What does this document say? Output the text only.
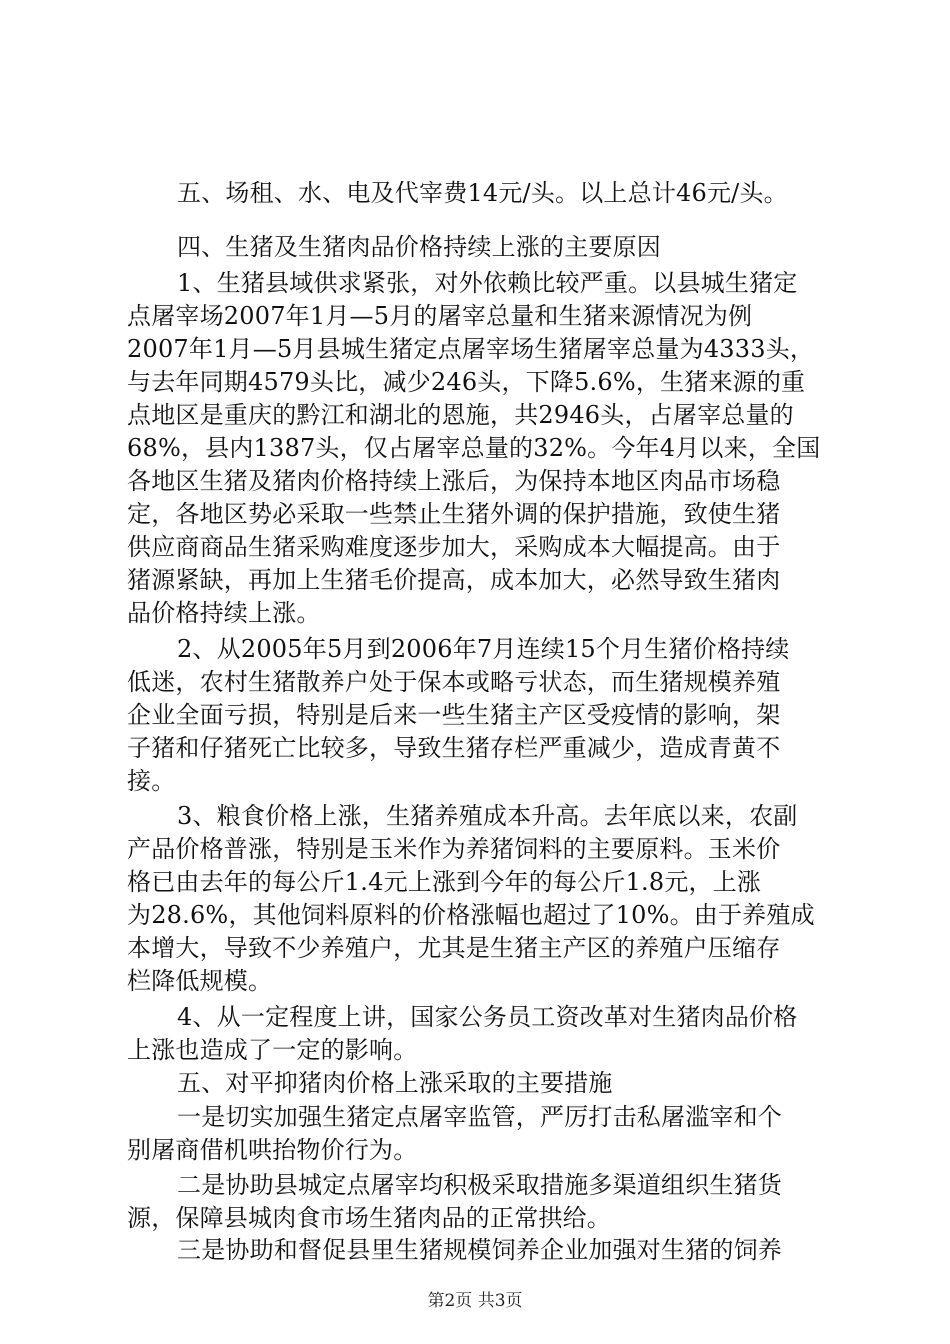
五、场租、水、电及代宰费14元/头。以上总计46元/头。
四、生猪及生猪肉品价格持续上涨的主要原因
1、生猪县域供求紧张，对外依赖比较严重。以县城生猪定
点屠宰场2007年1月—5月的屠宰总量和生猪来源情况为例
2007年1月—5月县城生猪定点屠宰场生猪屠宰总量为4333头，
与去年同期4579头比，减少246头，下降5.6%，生猪来源的重
点地区是重庆的黔江和湖北的恩施，共2946头，占屠宰总量的
68%，县内1387头，仅占屠宰总量的32%。今年4月以来，全国
各地区生猪及猪肉价格持续上涨后，为保持本地区肉品市场稳
定，各地区势必采取一些禁止生猪外调的保护措施，致使生猪
供应商商品生猪采购难度逐步加大，采购成本大幅提高。由于
猪源紧缺，再加上生猪毛价提高，成本加大，必然导致生猪肉
品价格持续上涨。
2、从2005年5月到2006年7月连续15个月生猪价格持续
低迷，农村生猪散养户处于保本或略亏状态，而生猪规模养殖
企业全面亏损，特别是后来一些生猪主产区受疫情的影响，架
子猪和仔猪死亡比较多，导致生猪存栏严重减少，造成青黄不
接。
3、粮食价格上涨，生猪养殖成本升高。去年底以来，农副
产品价格普涨，特别是玉米作为养猪饲料的主要原料。玉米价
格已由去年的每公斤1.4元上涨到今年的每公斤1.8元，上涨
为28.6%，其他饲料原料的价格涨幅也超过了10%。由于养殖成
本增大，导致不少养殖户，尤其是生猪主产区的养殖户压缩存
栏降低规模。
4、从一定程度上讲，国家公务员工资改革对生猪肉品价格
上涨也造成了一定的影响。
五、对平抑猪肉价格上涨采取的主要措施
一是切实加强生猪定点屠宰监管，严厉打击私屠滥宰和个
别屠商借机哄抬物价行为。
二是协助县城定点屠宰均积极采取措施多渠道组织生猪货
源，保障县城肉食市场生猪肉品的正常拱给。
三是协助和督促县里生猪规模饲养企业加强对生猪的饲养
第2页 共3页
